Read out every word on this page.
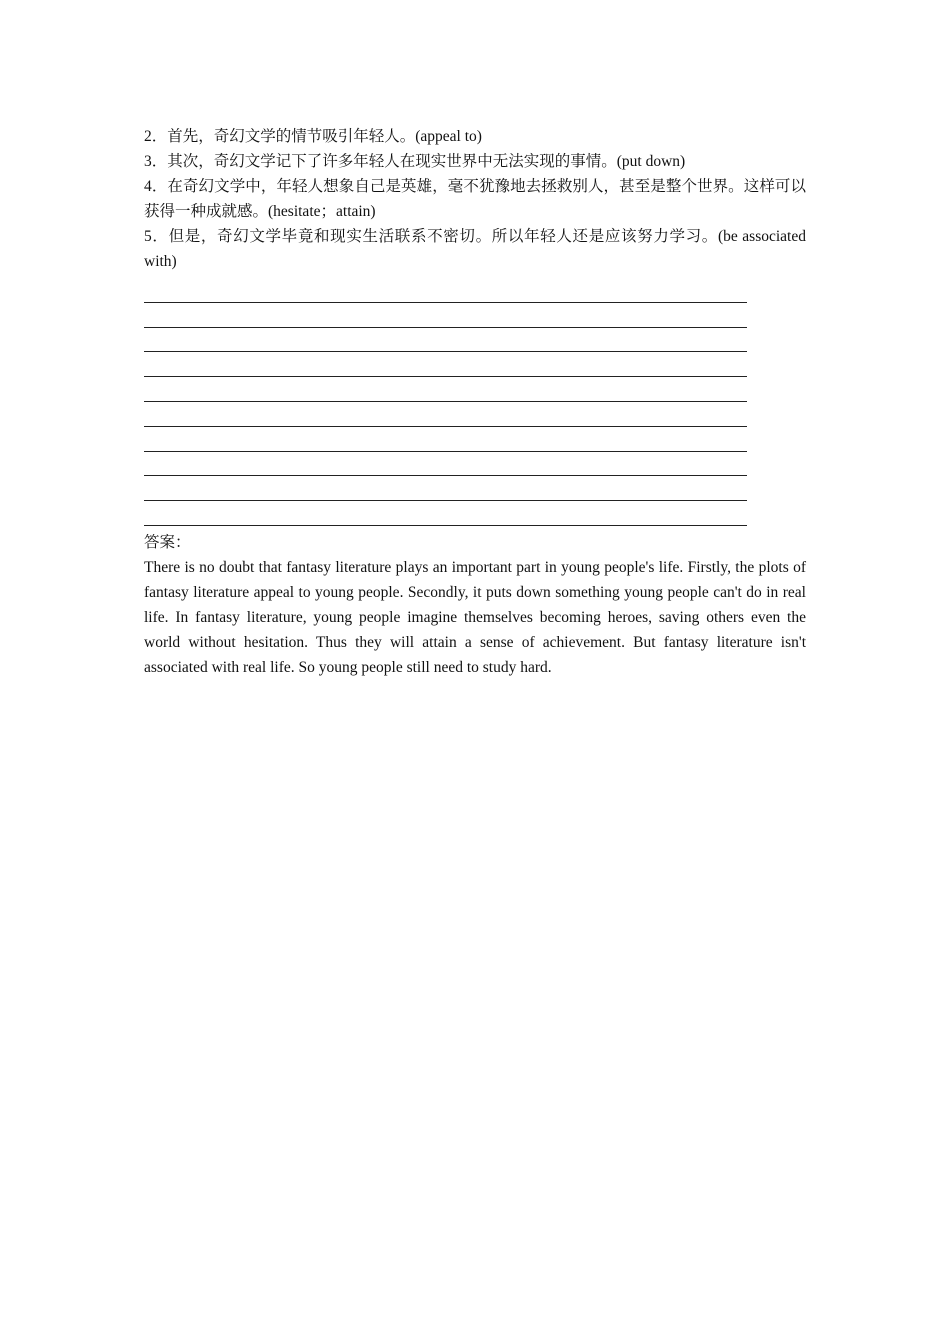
2．首先，奇幻文学的情节吸引年轻人。(appeal to)

3．其次，奇幻文学记下了许多年轻人在现实世界中无法实现的事情。(put down)

4．在奇幻文学中，年轻人想象自己是英雄，毫不犹豫地去拯救别人，甚至是整个世界。这样可以获得一种成就感。(hesitate；attain)

5．但是，奇幻文学毕竟和现实生活联系不密切。所以年轻人还是应该努力学习。(be associated with)

答案：

There is no doubt that fantasy literature plays an important part in young people's life. Firstly, the plots of fantasy literature appeal to young people. Secondly, it puts down something young people can't do in real life. In fantasy literature, young people imagine themselves becoming heroes, saving others even the world without hesitation. Thus they will attain a sense of achievement. But fantasy literature isn't associated with real life. So young people still need to study hard.
